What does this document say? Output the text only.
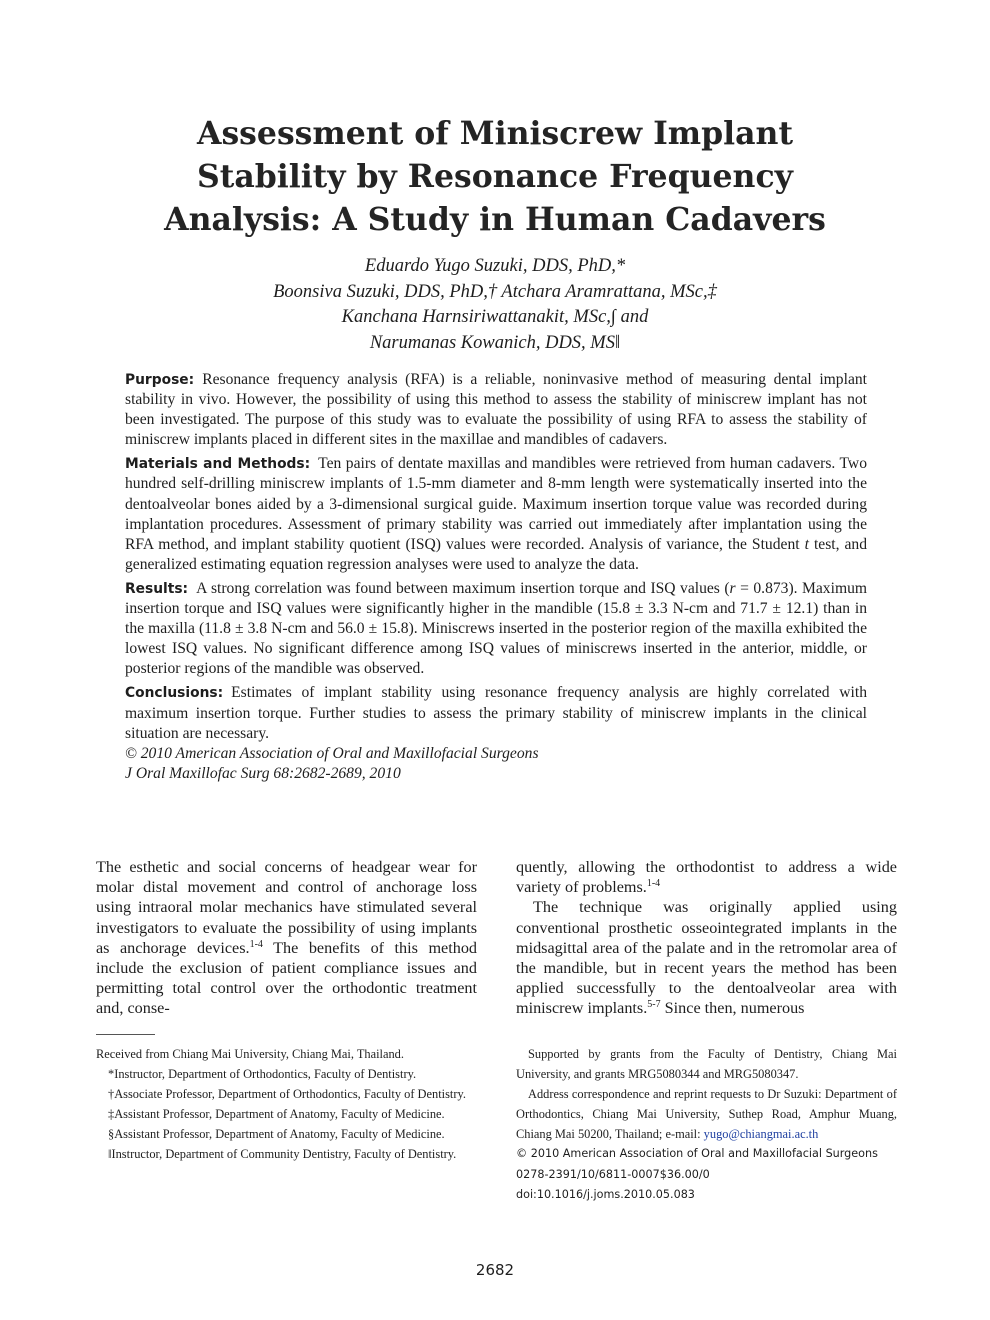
Assessment of Miniscrew Implant
Stability by Resonance Frequency
Analysis: A Study in Human Cadavers
Eduardo Yugo Suzuki, DDS, PhD,*
Boonsiva Suzuki, DDS, PhD,† Atchara Aramrattana, MSc,‡
Kanchana Harnsiriwattanakit, MSc,∫ and
Narumanas Kowanich, DDS, MS‖

Purpose: Resonance frequency analysis (RFA) is a reliable, noninvasive method of measuring dental implant stability in vivo. However, the possibility of using this method to assess the stability of miniscrew implant has not been investigated. The purpose of this study was to evaluate the possibility of using RFA to assess the stability of miniscrew implants placed in different sites in the maxillae and mandibles of cadavers.

Materials and Methods: Ten pairs of dentate maxillas and mandibles were retrieved from human cadavers. Two hundred self-drilling miniscrew implants of 1.5-mm diameter and 8-mm length were systematically inserted into the dentoalveolar bones aided by a 3-dimensional surgical guide. Maximum insertion torque value was recorded during implantation procedures. Assessment of primary stability was carried out immediately after implantation using the RFA method, and implant stability quotient (ISQ) values were recorded. Analysis of variance, the Student t test, and generalized estimating equation regression analyses were used to analyze the data.

Results: A strong correlation was found between maximum insertion torque and ISQ values (r = 0.873). Maximum insertion torque and ISQ values were significantly higher in the mandible (15.8 ± 3.3 N-cm and 71.7 ± 12.1) than in the maxilla (11.8 ± 3.8 N-cm and 56.0 ± 15.8). Miniscrews inserted in the posterior region of the maxilla exhibited the lowest ISQ values. No significant difference among ISQ values of miniscrews inserted in the anterior, middle, or posterior regions of the mandible was observed.

Conclusions: Estimates of implant stability using resonance frequency analysis are highly correlated with maximum insertion torque. Further studies to assess the primary stability of miniscrew implants in the clinical situation are necessary.

© 2010 American Association of Oral and Maxillofacial Surgeons

J Oral Maxillofac Surg 68:2682-2689, 2010

The esthetic and social concerns of headgear wear for molar distal movement and control of anchorage loss using intraoral molar mechanics have stimulated several investigators to evaluate the possibility of using implants as anchorage devices.$^{1-4}$ The benefits of this method include the exclusion of patient compliance issues and permitting total control over the orthodontic treatment and, conse-

quently, allowing the orthodontist to address a wide variety of problems.$^{1-4}$

The technique was originally applied using conventional prosthetic osseointegrated implants in the midsagittal area of the palate and in the retromolar area of the mandible, but in recent years the method has been applied successfully to the dentoalveolar area with miniscrew implants.$^{5-7}$ Since then, numerous

Received from Chiang Mai University, Chiang Mai, Thailand.

*Instructor, Department of Orthodontics, Faculty of Dentistry.

†Associate Professor, Department of Orthodontics, Faculty of Dentistry.

‡Assistant Professor, Department of Anatomy, Faculty of Medicine.

§Assistant Professor, Department of Anatomy, Faculty of Medicine.

‖Instructor, Department of Community Dentistry, Faculty of Dentistry.

Supported by grants from the Faculty of Dentistry, Chiang Mai University, and grants MRG5080344 and MRG5080347.

Address correspondence and reprint requests to Dr Suzuki: Department of Orthodontics, Chiang Mai University, Suthep Road, Amphur Muang, Chiang Mai 50200, Thailand; e-mail: yugo@chiangmai.ac.th

© 2010 American Association of Oral and Maxillofacial Surgeons

0278-2391/10/6811-0007$36.00/0

doi:10.1016/j.joms.2010.05.083

2682
